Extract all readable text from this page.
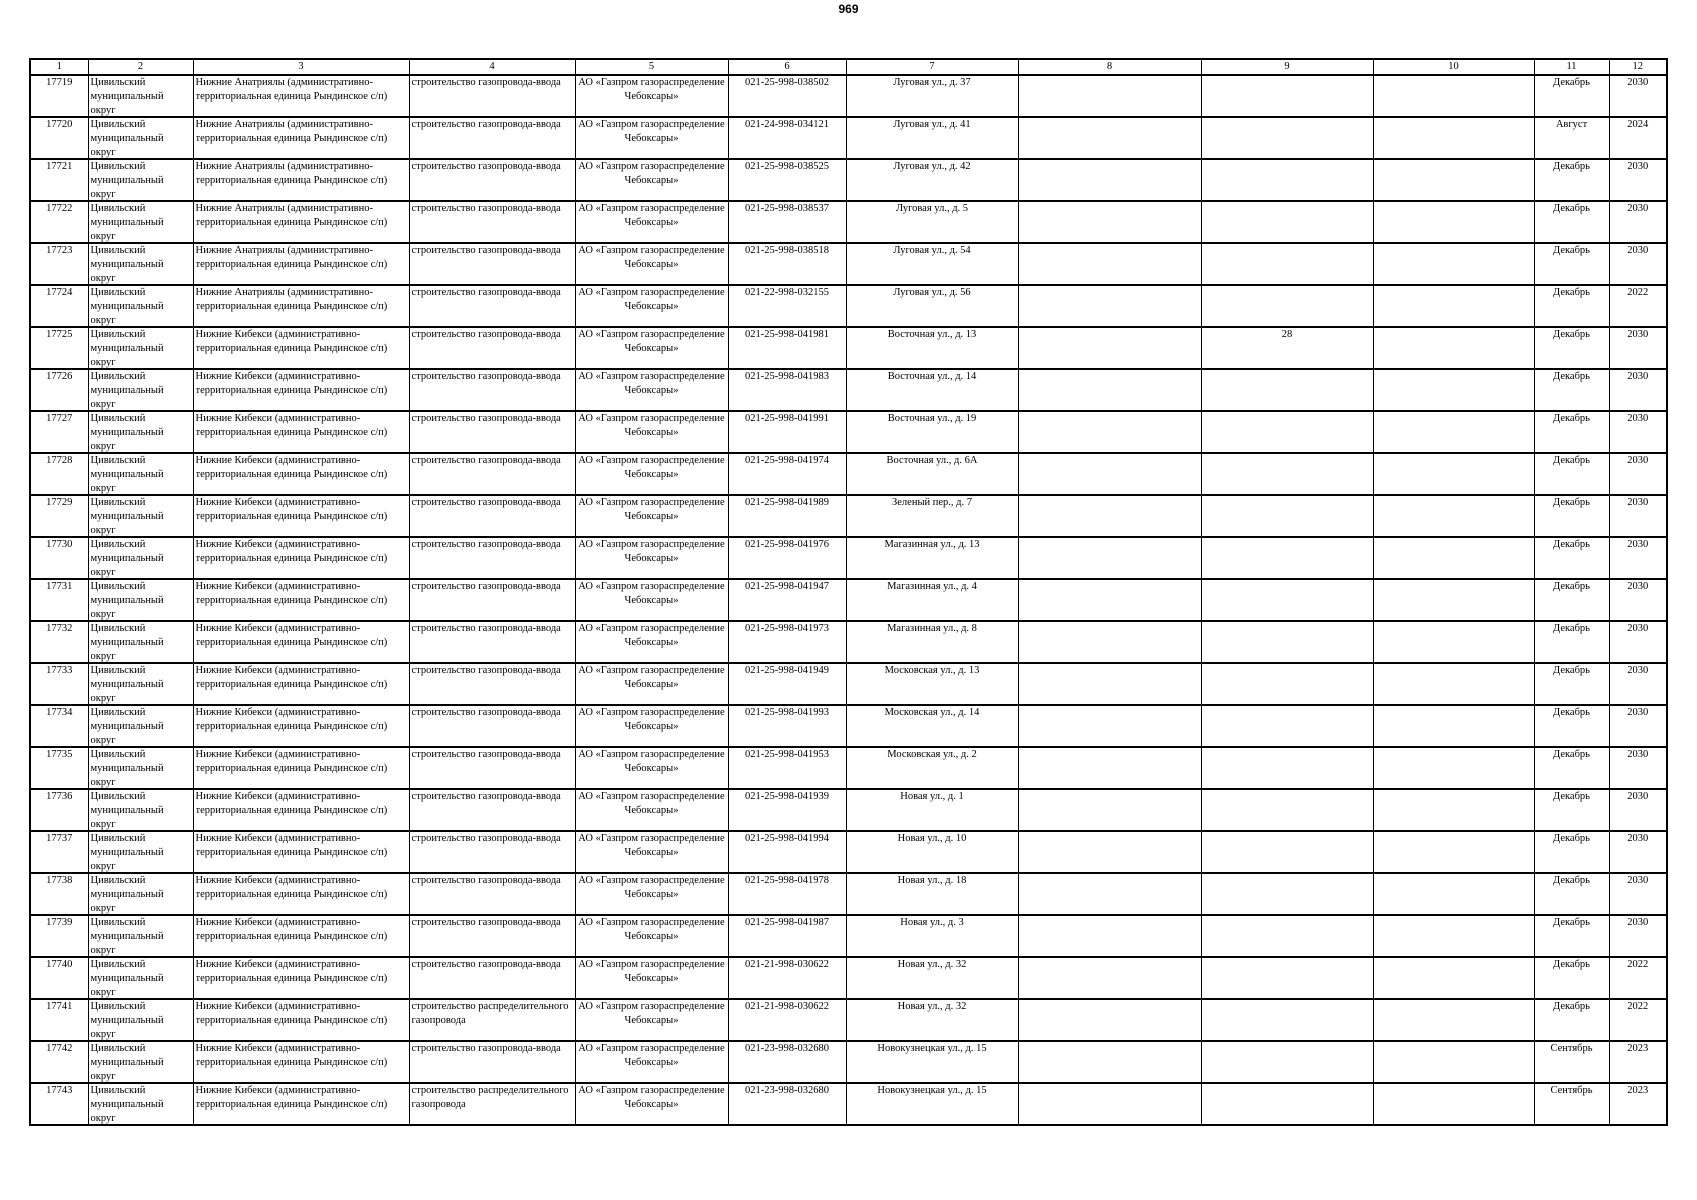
969
1	2	3	4	5	6	7	8	9	10	11	12

17719	Цивильский муниципальный округ	Нижние Анатриялы (административно-территориальная единица Рындинское с/п)	строительство газопровода-ввода	АО «Газпром газораспределение Чебоксары»	021-25-998-038502	Луговая ул., д. 37				Декабрь	2030

17720	Цивильский муниципальный округ	Нижние Анатриялы (административно-территориальная единица Рындинское с/п)	строительство газопровода-ввода	АО «Газпром газораспределение Чебоксары»	021-24-998-034121	Луговая ул., д. 41				Август	2024

17721	Цивильский муниципальный округ	Нижние Анатриялы (административно-территориальная единица Рындинское с/п)	строительство газопровода-ввода	АО «Газпром газораспределение Чебоксары»	021-25-998-038525	Луговая ул., д. 42				Декабрь	2030

17722	Цивильский муниципальный округ	Нижние Анатриялы (административно-территориальная единица Рындинское с/п)	строительство газопровода-ввода	АО «Газпром газораспределение Чебоксары»	021-25-998-038537	Луговая ул., д. 5				Декабрь	2030

17723	Цивильский муниципальный округ	Нижние Анатриялы (административно-территориальная единица Рындинское с/п)	строительство газопровода-ввода	АО «Газпром газораспределение Чебоксары»	021-25-998-038518	Луговая ул., д. 54				Декабрь	2030

17724	Цивильский муниципальный округ	Нижние Анатриялы (административно-территориальная единица Рындинское с/п)	строительство газопровода-ввода	АО «Газпром газораспределение Чебоксары»	021-22-998-032155	Луговая ул., д. 56				Декабрь	2022

17725	Цивильский муниципальный округ	Нижние Кибекси (административно-территориальная единица Рындинское с/п)	строительство газопровода-ввода	АО «Газпром газораспределение Чебоксары»	021-25-998-041981	Восточная ул., д. 13		28		Декабрь	2030

17726	Цивильский муниципальный округ	Нижние Кибекси (административно-территориальная единица Рындинское с/п)	строительство газопровода-ввода	АО «Газпром газораспределение Чебоксары»	021-25-998-041983	Восточная ул., д. 14				Декабрь	2030

17727	Цивильский муниципальный округ	Нижние Кибекси (административно-территориальная единица Рындинское с/п)	строительство газопровода-ввода	АО «Газпром газораспределение Чебоксары»	021-25-998-041991	Восточная ул., д. 19				Декабрь	2030

17728	Цивильский муниципальный округ	Нижние Кибекси (административно-территориальная единица Рындинское с/п)	строительство газопровода-ввода	АО «Газпром газораспределение Чебоксары»	021-25-998-041974	Восточная ул., д. 6А				Декабрь	2030

17729	Цивильский муниципальный округ	Нижние Кибекси (административно-территориальная единица Рындинское с/п)	строительство газопровода-ввода	АО «Газпром газораспределение Чебоксары»	021-25-998-041989	Зеленый пер., д. 7				Декабрь	2030

17730	Цивильский муниципальный округ	Нижние Кибекси (административно-территориальная единица Рындинское с/п)	строительство газопровода-ввода	АО «Газпром газораспределение Чебоксары»	021-25-998-041976	Магазинная ул., д. 13				Декабрь	2030

17731	Цивильский муниципальный округ	Нижние Кибекси (административно-территориальная единица Рындинское с/п)	строительство газопровода-ввода	АО «Газпром газораспределение Чебоксары»	021-25-998-041947	Магазинная ул., д. 4				Декабрь	2030

17732	Цивильский муниципальный округ	Нижние Кибекси (административно-территориальная единица Рындинское с/п)	строительство газопровода-ввода	АО «Газпром газораспределение Чебоксары»	021-25-998-041973	Магазинная ул., д. 8				Декабрь	2030

17733	Цивильский муниципальный округ	Нижние Кибекси (административно-территориальная единица Рындинское с/п)	строительство газопровода-ввода	АО «Газпром газораспределение Чебоксары»	021-25-998-041949	Московская ул., д. 13				Декабрь	2030

17734	Цивильский муниципальный округ	Нижние Кибекси (административно-территориальная единица Рындинское с/п)	строительство газопровода-ввода	АО «Газпром газораспределение Чебоксары»	021-25-998-041993	Московская ул., д. 14				Декабрь	2030

17735	Цивильский муниципальный округ	Нижние Кибекси (административно-территориальная единица Рындинское с/п)	строительство газопровода-ввода	АО «Газпром газораспределение Чебоксары»	021-25-998-041953	Московская ул., д. 2				Декабрь	2030

17736	Цивильский муниципальный округ	Нижние Кибекси (административно-территориальная единица Рындинское с/п)	строительство газопровода-ввода	АО «Газпром газораспределение Чебоксары»	021-25-998-041939	Новая ул., д. 1				Декабрь	2030

17737	Цивильский муниципальный округ	Нижние Кибекси (административно-территориальная единица Рындинское с/п)	строительство газопровода-ввода	АО «Газпром газораспределение Чебоксары»	021-25-998-041994	Новая ул., д. 10				Декабрь	2030

17738	Цивильский муниципальный округ	Нижние Кибекси (административно-территориальная единица Рындинское с/п)	строительство газопровода-ввода	АО «Газпром газораспределение Чебоксары»	021-25-998-041978	Новая ул., д. 18				Декабрь	2030

17739	Цивильский муниципальный округ	Нижние Кибекси (административно-территориальная единица Рындинское с/п)	строительство газопровода-ввода	АО «Газпром газораспределение Чебоксары»	021-25-998-041987	Новая ул., д. 3				Декабрь	2030

17740	Цивильский муниципальный округ	Нижние Кибекси (административно-территориальная единица Рындинское с/п)	строительство газопровода-ввода	АО «Газпром газораспределение Чебоксары»	021-21-998-030622	Новая ул., д. 32				Декабрь	2022

17741	Цивильский муниципальный округ	Нижние Кибекси (административно-территориальная единица Рындинское с/п)	строительство распределительного газопровода	АО «Газпром газораспределение Чебоксары»	021-21-998-030622	Новая ул., д. 32				Декабрь	2022

17742	Цивильский муниципальный округ	Нижние Кибекси (административно-территориальная единица Рындинское с/п)	строительство газопровода-ввода	АО «Газпром газораспределение Чебоксары»	021-23-998-032680	Новокузнецкая ул., д. 15				Сентябрь	2023

17743	Цивильский муниципальный округ	Нижние Кибекси (административно-территориальная единица Рындинское с/п)	строительство распределительного газопровода	АО «Газпром газораспределение Чебоксары»	021-23-998-032680	Новокузнецкая ул., д. 15				Сентябрь	2023
